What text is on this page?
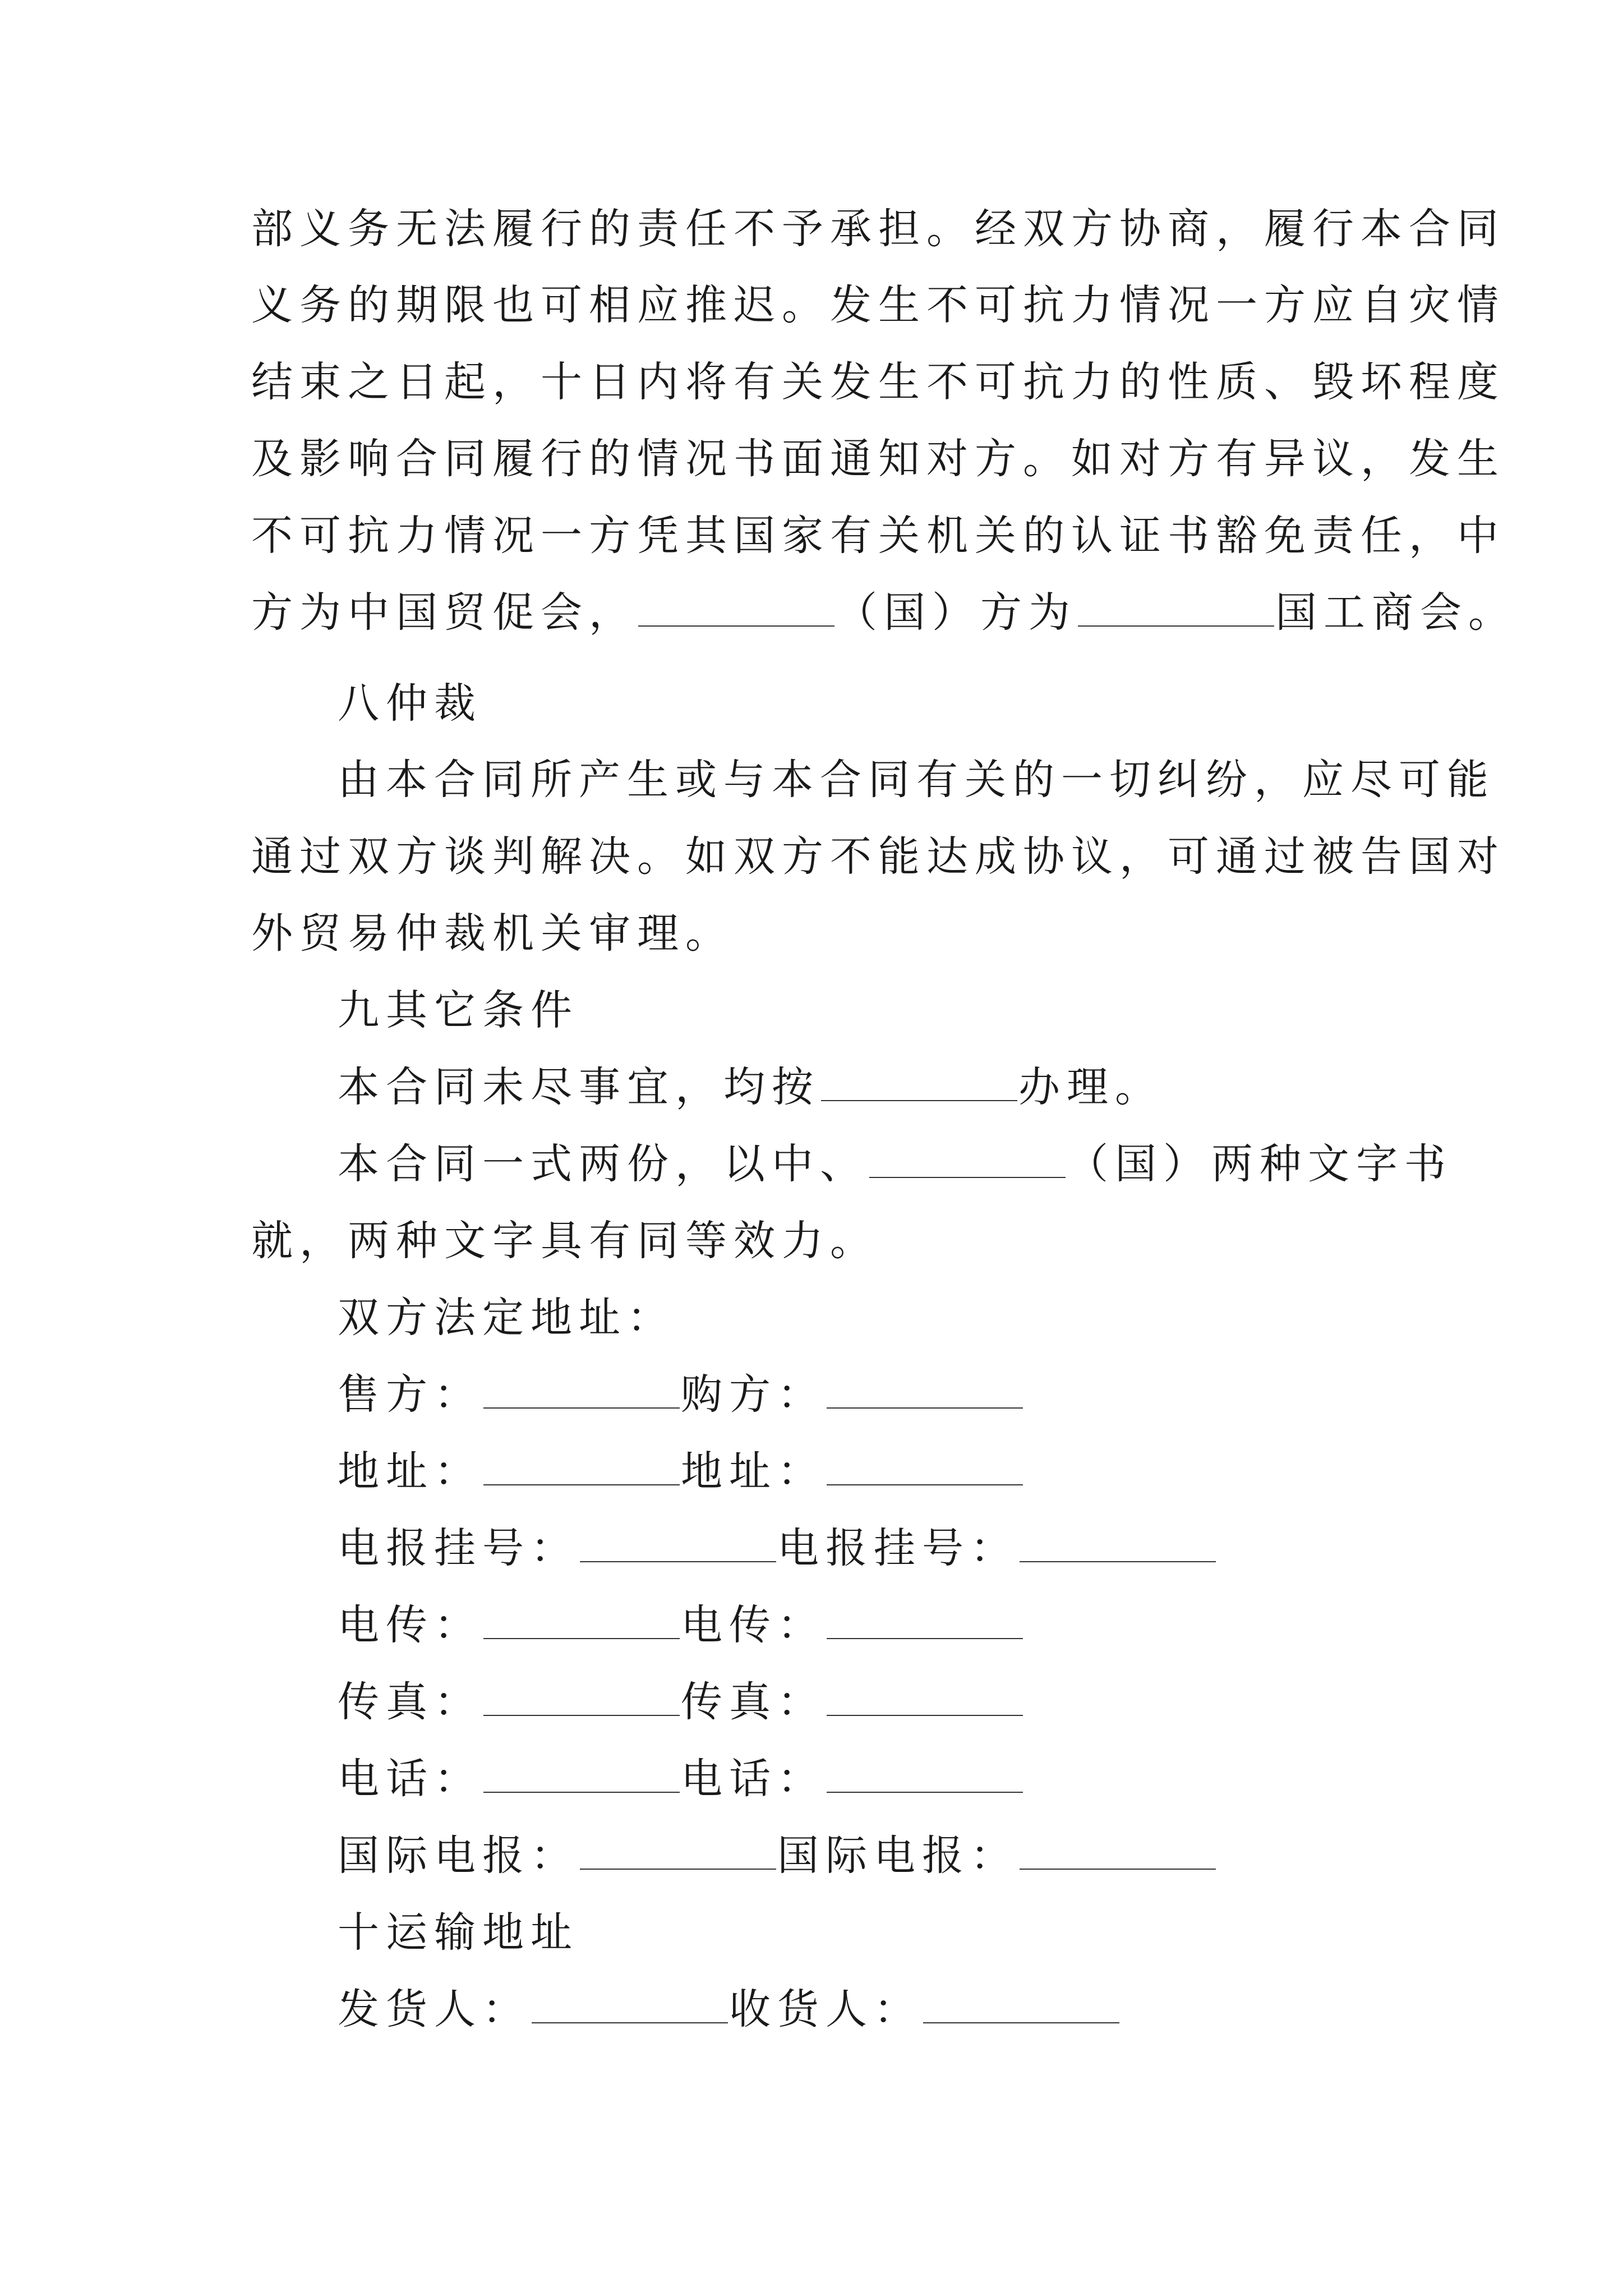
部义务无法履行的责任不予承担。经双方协商，履行本合同
义务的期限也可相应推迟。发生不可抗力情况一方应自灾情
结束之日起，十日内将有关发生不可抗力的性质、毁坏程度
及影响合同履行的情况书面通知对方。如对方有异议，发生
不可抗力情况一方凭其国家有关机关的认证书豁免责任，中
方为中国贸促会，	（国）方为	国工商会。
八仲裁
由本合同所产生或与本合同有关的一切纠纷，应尽可能
通过双方谈判解决。如双方不能达成协议，可通过被告国对
外贸易仲裁机关审理。
九其它条件
本合同未尽事宜，均按	办理。
本合同一式两份，以中、	（国）两种文字书
就，两种文字具有同等效力。
双方法定地址：
售方：	购方：
地址：	地址：
电报挂号：	电报挂号：
电传：	电传：
传真：	传真：
电话：	电话：
国际电报：	国际电报：
十运输地址
发货人：	收货人：
